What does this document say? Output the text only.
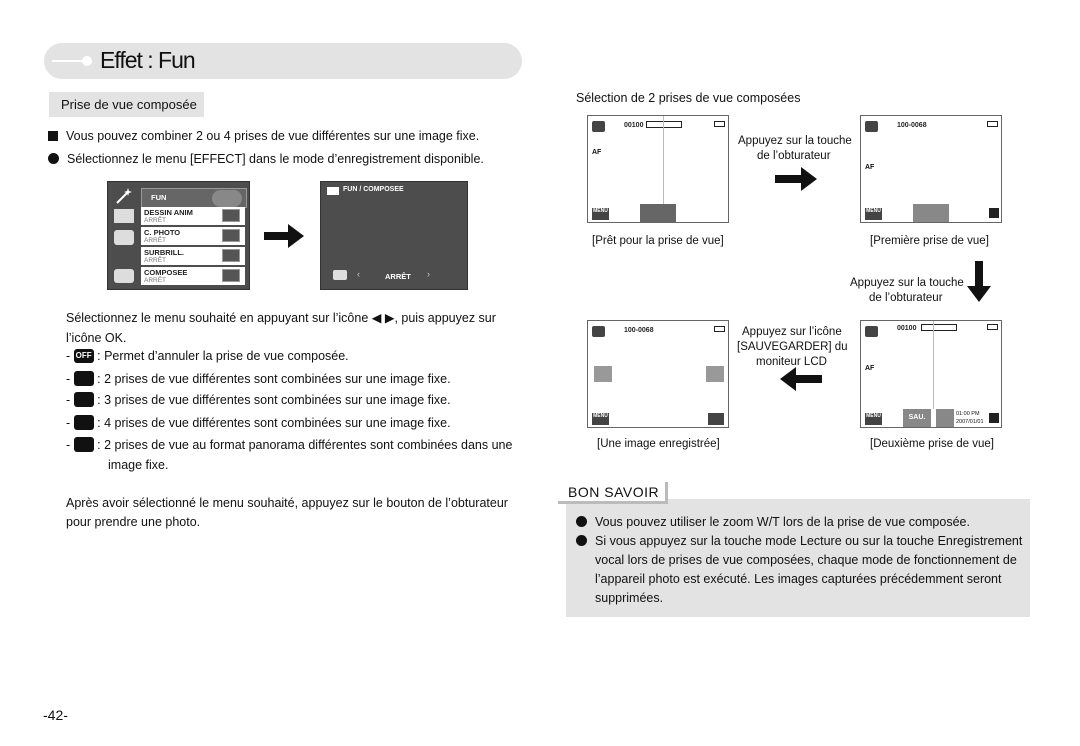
Effet : Fun
Prise de vue composée
Vous pouvez combiner 2 ou 4 prises de vue différentes sur une image fixe.
Sélectionnez le menu [EFFECT] dans le mode d’enregistrement disponible.
FUN
DESSIN ANIM
ARRÊT
C. PHOTO
ARRÊT
SURBRILL.
ARRÊT
COMPOSEE
ARRÊT
FUN / COMPOSEE
‹	ARRÊT ›
Sélectionnez le menu souhaité en appuyant sur l’icône ◀ ▶, puis appuyez sur
l’icône OK.
- OFF : Permet d’annuler la prise de vue composée.
-  : 2 prises de vue différentes sont combinées sur une image fixe.
-  : 3 prises de vue différentes sont combinées sur une image fixe.
-  : 4 prises de vue différentes sont combinées sur une image fixe.
-  : 2 prises de vue au format panorama différentes sont combinées dans une
image fixe.
Après avoir sélectionné le menu souhaité, appuyez sur le bouton de l’obturateur
pour prendre une photo.
Sélection de 2 prises de vue composées
00100
AF
MENU
[Prêt pour la prise de vue]
Appuyez sur la touche
de l’obturateur
100-0068
AF
MENU
[Première prise de vue]
Appuyez sur la touche
de l’obturateur
100-0068
MENU
[Une image enregistrée]
Appuyez sur l’icône
[SAUVEGARDER] du
moniteur LCD
00100
AF
MENU	SAU.	01:00 PM
2007/01/01
[Deuxième prise de vue]
BON SAVOIR
Vous pouvez utiliser le zoom W/T lors de la prise de vue composée.
Si vous appuyez sur la touche mode Lecture ou sur la touche Enregistrement
vocal lors de prises de vue composées, chaque mode de fonctionnement de
l’appareil photo est exécuté. Les images capturées précédemment seront
supprimées.
-42-
